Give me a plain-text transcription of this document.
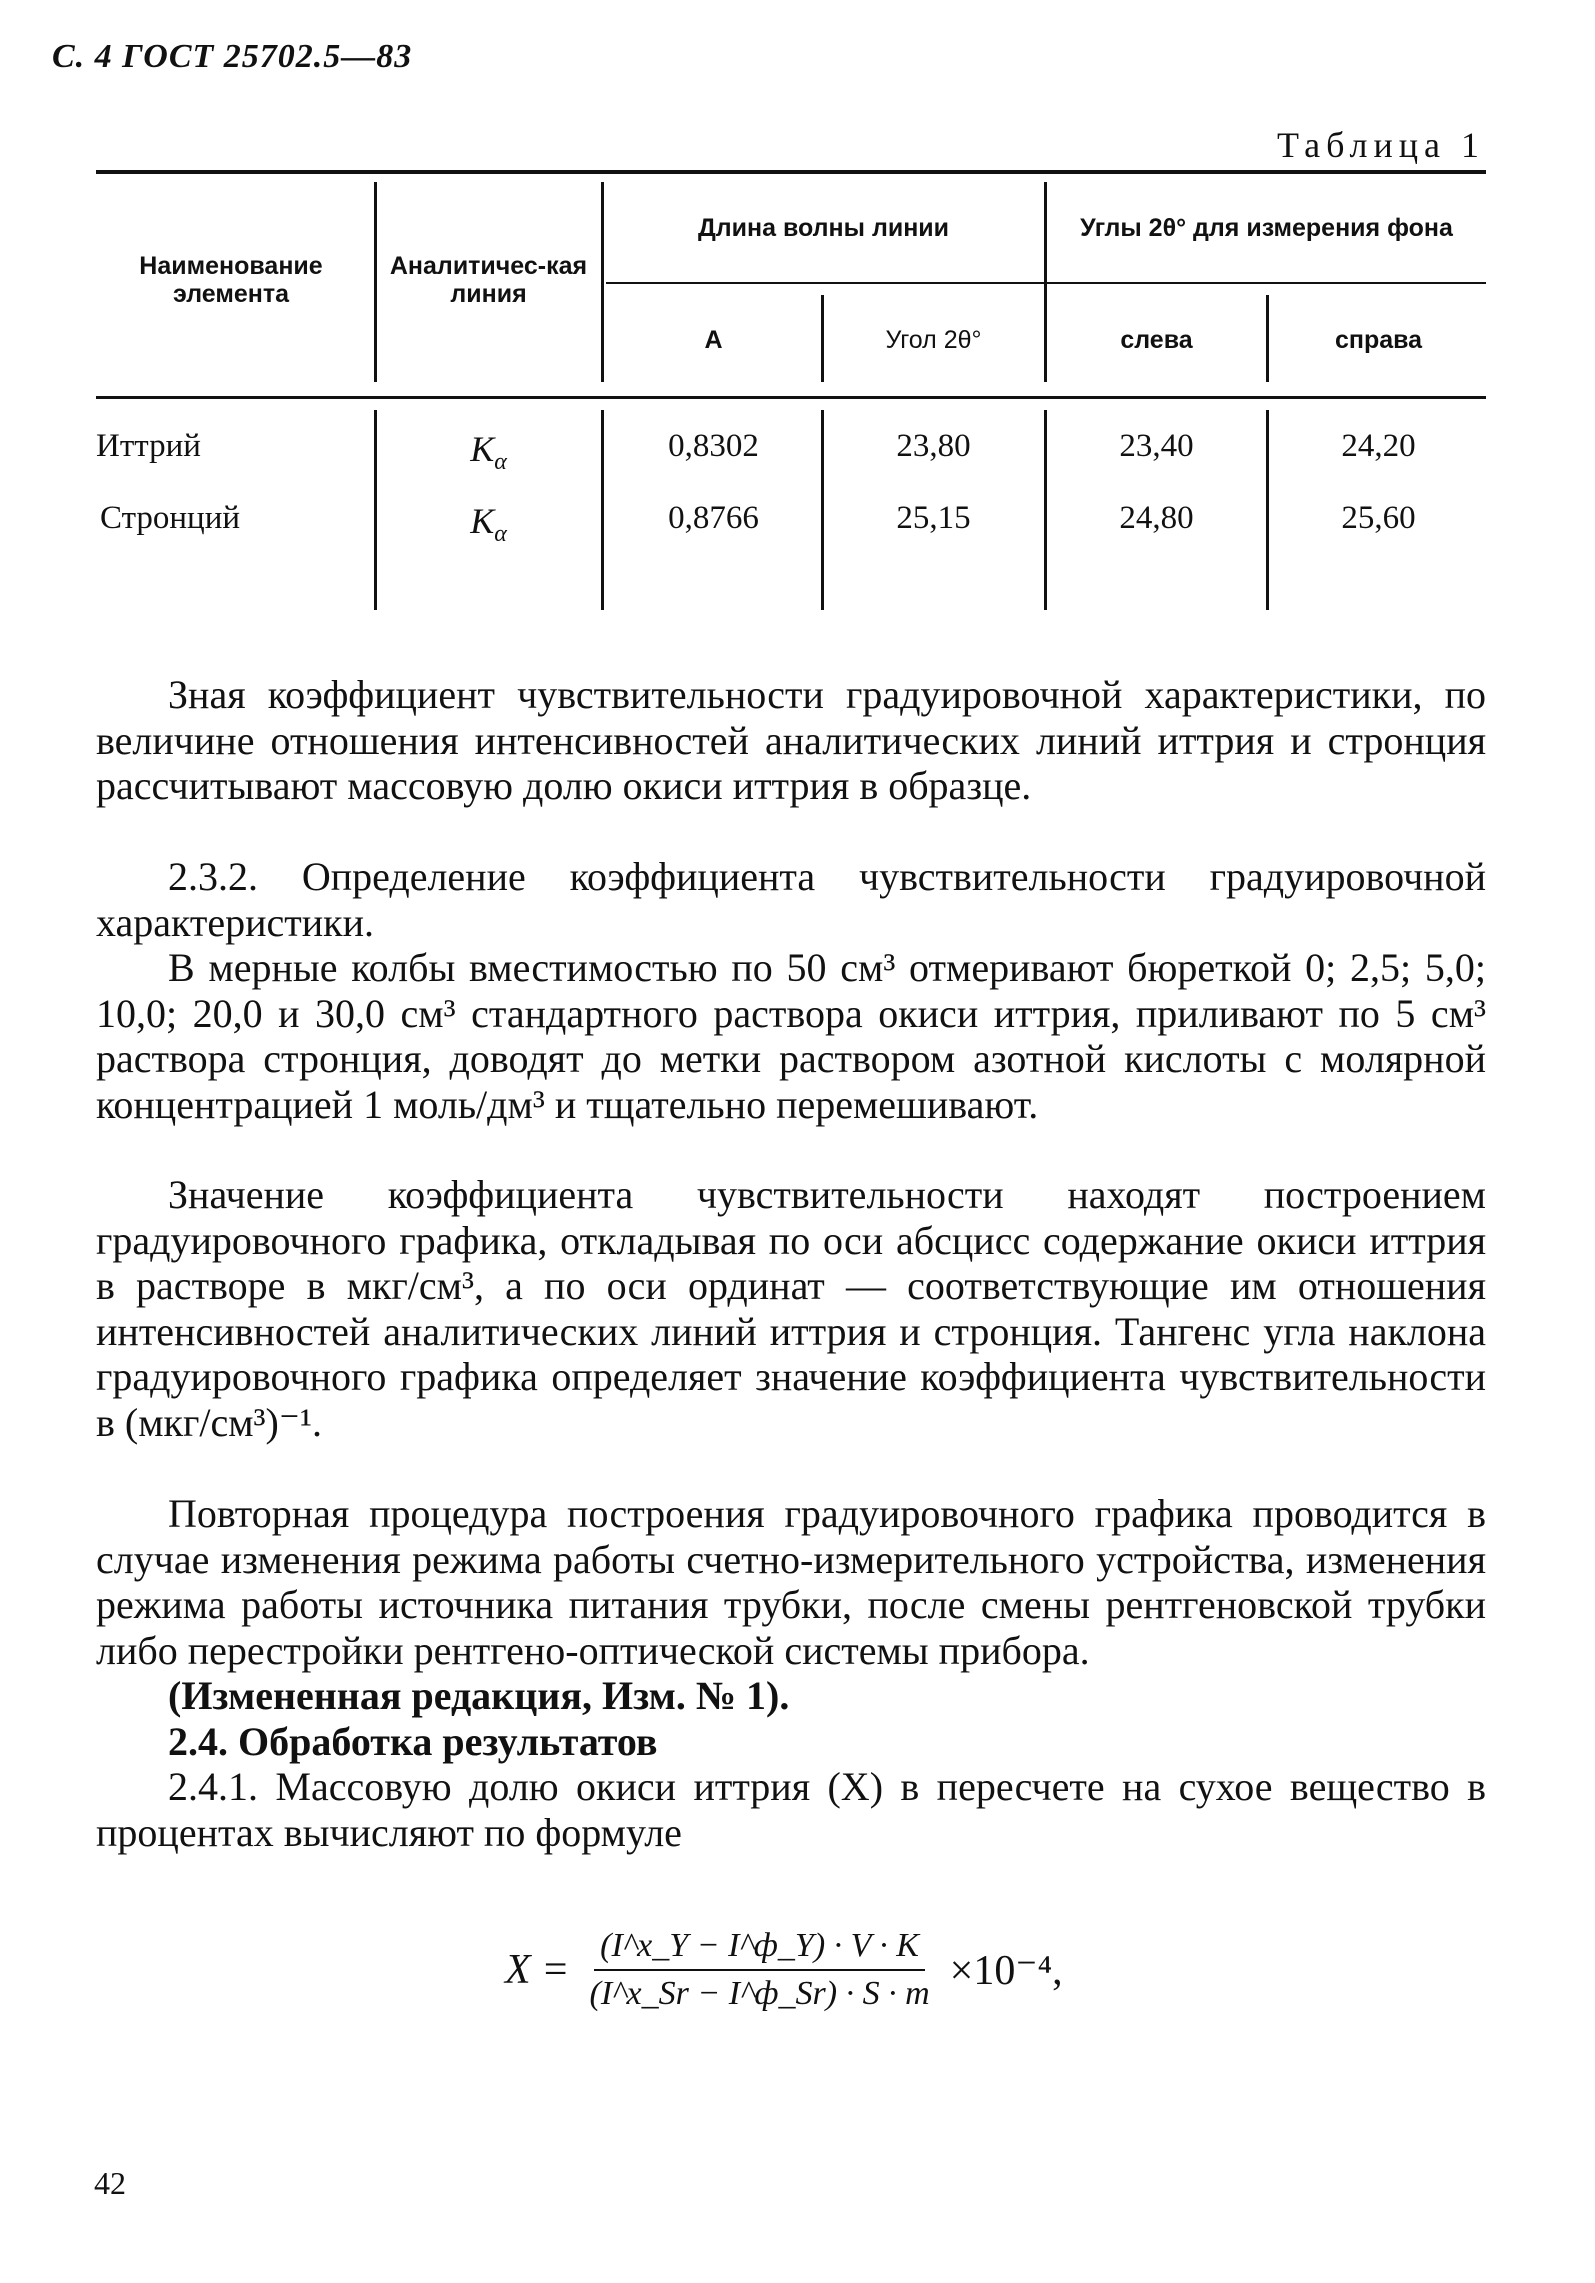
С. 4 ГОСТ 25702.5—83
Таблица 1
Наименование элемента
Аналитичес-кая линия
Длина волны линии	Углы 2θ° для измерения фона
А	Угол 2θ°	слева	справа
Иттрий	$K_\alpha$	0,8302	23,80	23,40	24,20
Стронций	$K_\alpha$	0,8766	25,15	24,80	25,60
Зная коэффициент чувствительности градуировочной характеристики, по величине отношения интенсивностей аналитических линий иттрия и стронция рассчитывают массовую долю окиси иттрия в образце.
2.3.2. Определение коэффициента чувствительности градуировочной характеристики.
В мерные колбы вместимостью по 50 см³ отмеривают бюреткой 0; 2,5; 5,0; 10,0; 20,0 и 30,0 см³ стандартного раствора окиси иттрия, приливают по 5 см³ раствора стронция, доводят до метки раствором азотной кислоты с молярной концентрацией 1 моль/дм³ и тщательно перемешивают.
Значение коэффициента чувствительности находят построением градуировочного графика, откладывая по оси абсцисс содержание окиси иттрия в растворе в мкг/см³, а по оси ординат — соответствующие им отношения интенсивностей аналитических линий иттрия и стронция. Тангенс угла наклона градуировочного графика определяет значение коэффициента чувствительности в (мкг/см³)⁻¹.
Повторная процедура построения градуировочного графика проводится в случае изменения режима работы счетно-измерительного устройства, изменения режима работы источника питания трубки, после смены рентгеновской трубки либо перестройки рентгено-оптической системы прибора.
(Измененная редакция, Изм. № 1).
2.4. Обработка результатов
2.4.1. Массовую долю окиси иттрия (X) в пересчете на сухое вещество в процентах вычисляют по формуле
$X = \frac{(I\^{}x\_Y - I\^{}ф\_Y) \cdot V \cdot K}{(I\^{}x\_Sr - I\^{}ф\_Sr) \cdot S \cdot m} \times 10^{-4}$,
42
